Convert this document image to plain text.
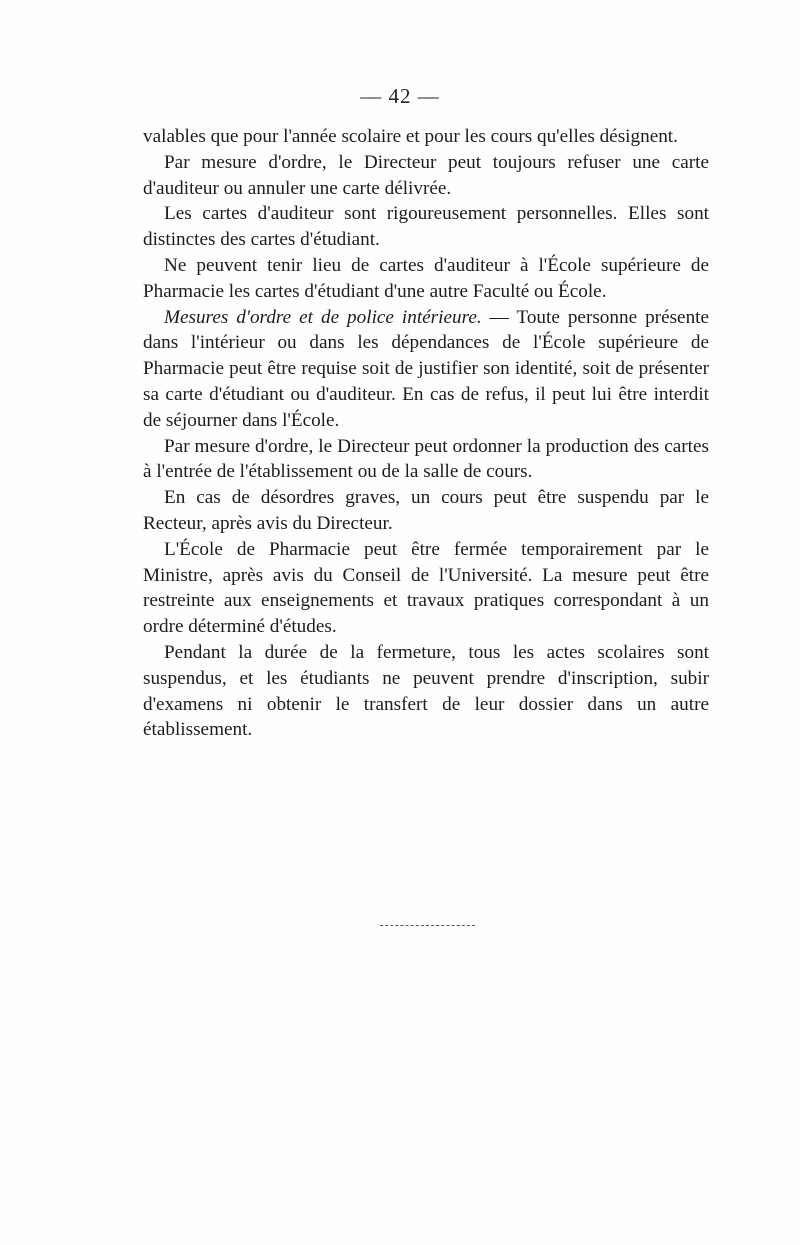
— 42 —

valables que pour l'année scolaire et pour les cours qu'elles désignent.

Par mesure d'ordre, le Directeur peut toujours refuser une carte d'auditeur ou annuler une carte délivrée.

Les cartes d'auditeur sont rigoureusement personnelles. Elles sont distinctes des cartes d'étudiant.

Ne peuvent tenir lieu de cartes d'auditeur à l'École supérieure de Pharmacie les cartes d'étudiant d'une autre Faculté ou École.

Mesures d'ordre et de police intérieure. — Toute personne présente dans l'intérieur ou dans les dépendances de l'École supérieure de Pharmacie peut être requise soit de justifier son identité, soit de présenter sa carte d'étudiant ou d'auditeur. En cas de refus, il peut lui être interdit de séjourner dans l'École.

Par mesure d'ordre, le Directeur peut ordonner la production des cartes à l'entrée de l'établissement ou de la salle de cours.

En cas de désordres graves, un cours peut être suspendu par le Recteur, après avis du Directeur.

L'École de Pharmacie peut être fermée temporairement par le Ministre, après avis du Conseil de l'Université. La mesure peut être restreinte aux enseignements et travaux pratiques correspondant à un ordre déterminé d'études.

Pendant la durée de la fermeture, tous les actes scolaires sont suspendus, et les étudiants ne peuvent prendre d'inscription, subir d'examens ni obtenir le transfert de leur dossier dans un autre établissement.
